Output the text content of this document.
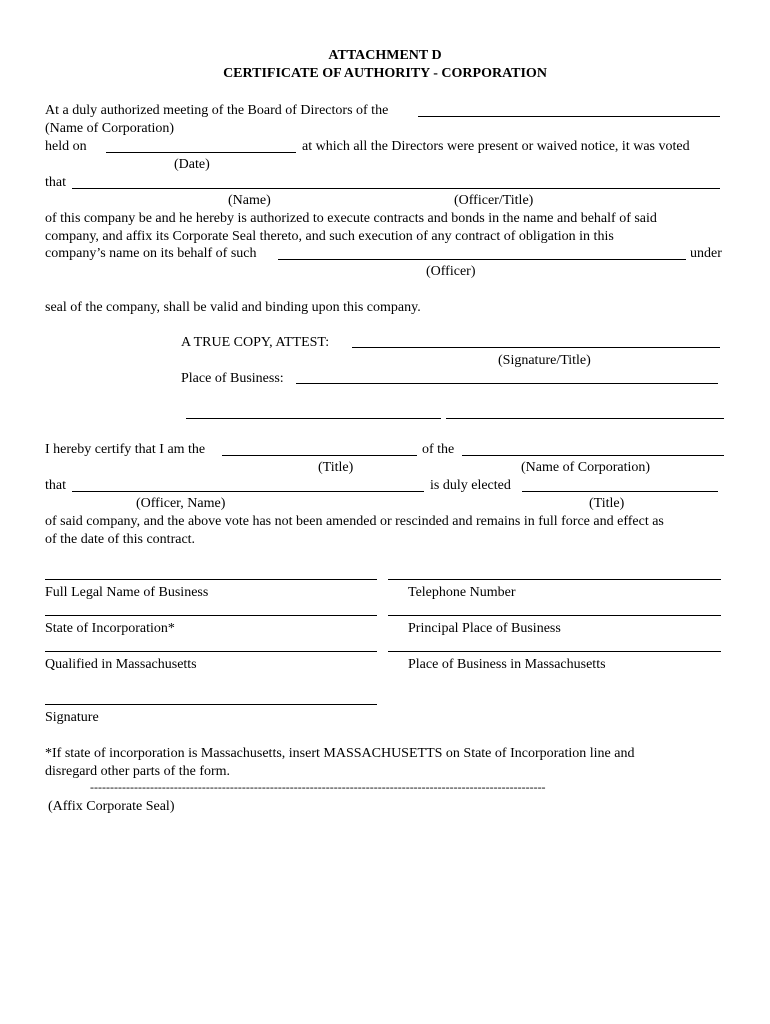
ATTACHMENT D
CERTIFICATE OF AUTHORITY - CORPORATION
At a duly authorized meeting of the Board of Directors of the
(Name of Corporation)
held on	at which all the Directors were present or waived notice, it was voted
(Date)
that
(Name)	(Officer/Title)
of this company be and he hereby is authorized to execute contracts and bonds in the name and behalf of said
company, and affix its Corporate Seal thereto, and such execution of any contract of obligation in this
company’s name on its behalf of such	under
(Officer)
seal of the company, shall be valid and binding upon this company.
A TRUE COPY, ATTEST:
(Signature/Title)
Place of Business:
I hereby certify that I am the	of the
(Title)	(Name of Corporation)
that	is duly elected
(Officer, Name)	(Title)
of said company, and the above vote has not been amended or rescinded and remains in full force and effect as
of the date of this contract.
Full Legal Name of Business	Telephone Number
State of Incorporation*	Principal Place of Business
Qualified in Massachusetts	Place of Business in Massachusetts
Signature
*If state of incorporation is Massachusetts, insert MASSACHUSETTS on State of Incorporation line and
disregard other parts of the form.
------------------------------------------------------------------------------------------------------------------
(Affix Corporate Seal)
